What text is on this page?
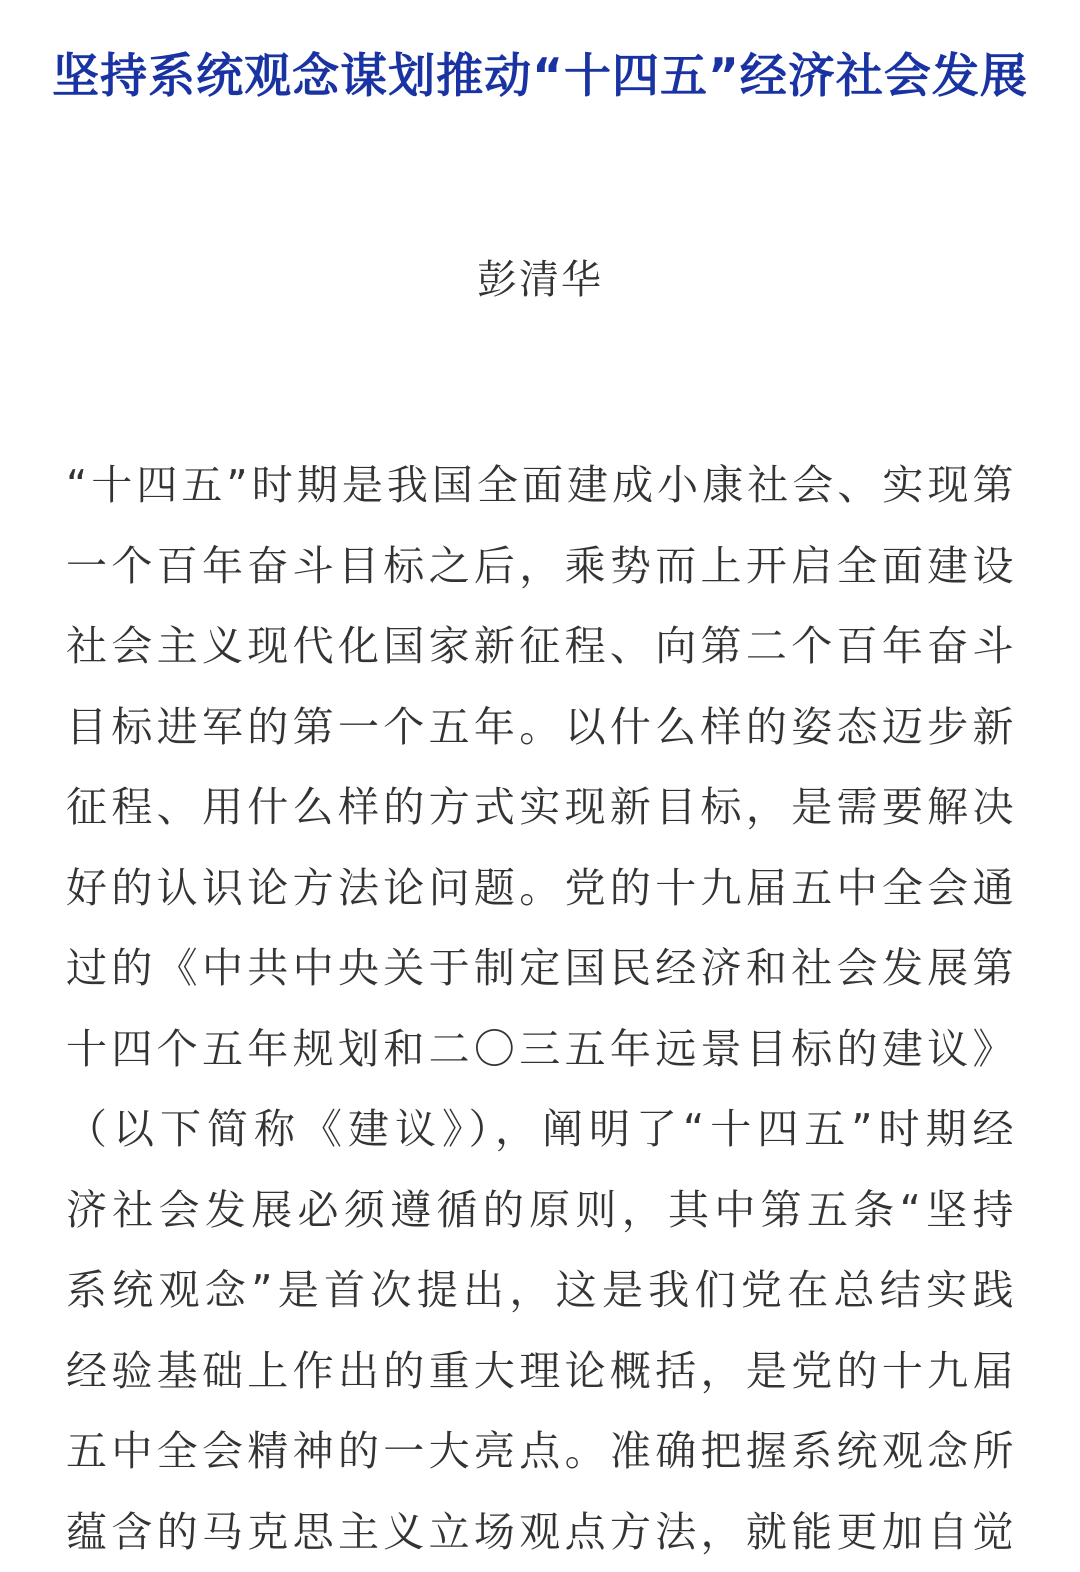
坚持系统观念谋划推动“十四五”经济社会发展

彭清华

“十四五”时期是我国全面建成小康社会、实现第
一个百年奋斗目标之后，乘势而上开启全面建设
社会主义现代化国家新征程、向第二个百年奋斗
目标进军的第一个五年。以什么样的姿态迈步新
征程、用什么样的方式实现新目标，是需要解决
好的认识论方法论问题。党的十九届五中全会通
过的《中共中央关于制定国民经济和社会发展第
十四个五年规划和二〇三五年远景目标的建议》
（以下简称《建议》），阐明了“十四五”时期经
济社会发展必须遵循的原则，其中第五条“坚持
系统观念”是首次提出，这是我们党在总结实践
经验基础上作出的重大理论概括，是党的十九届
五中全会精神的一大亮点。准确把握系统观念所
蕴含的马克思主义立场观点方法，就能更加自觉
